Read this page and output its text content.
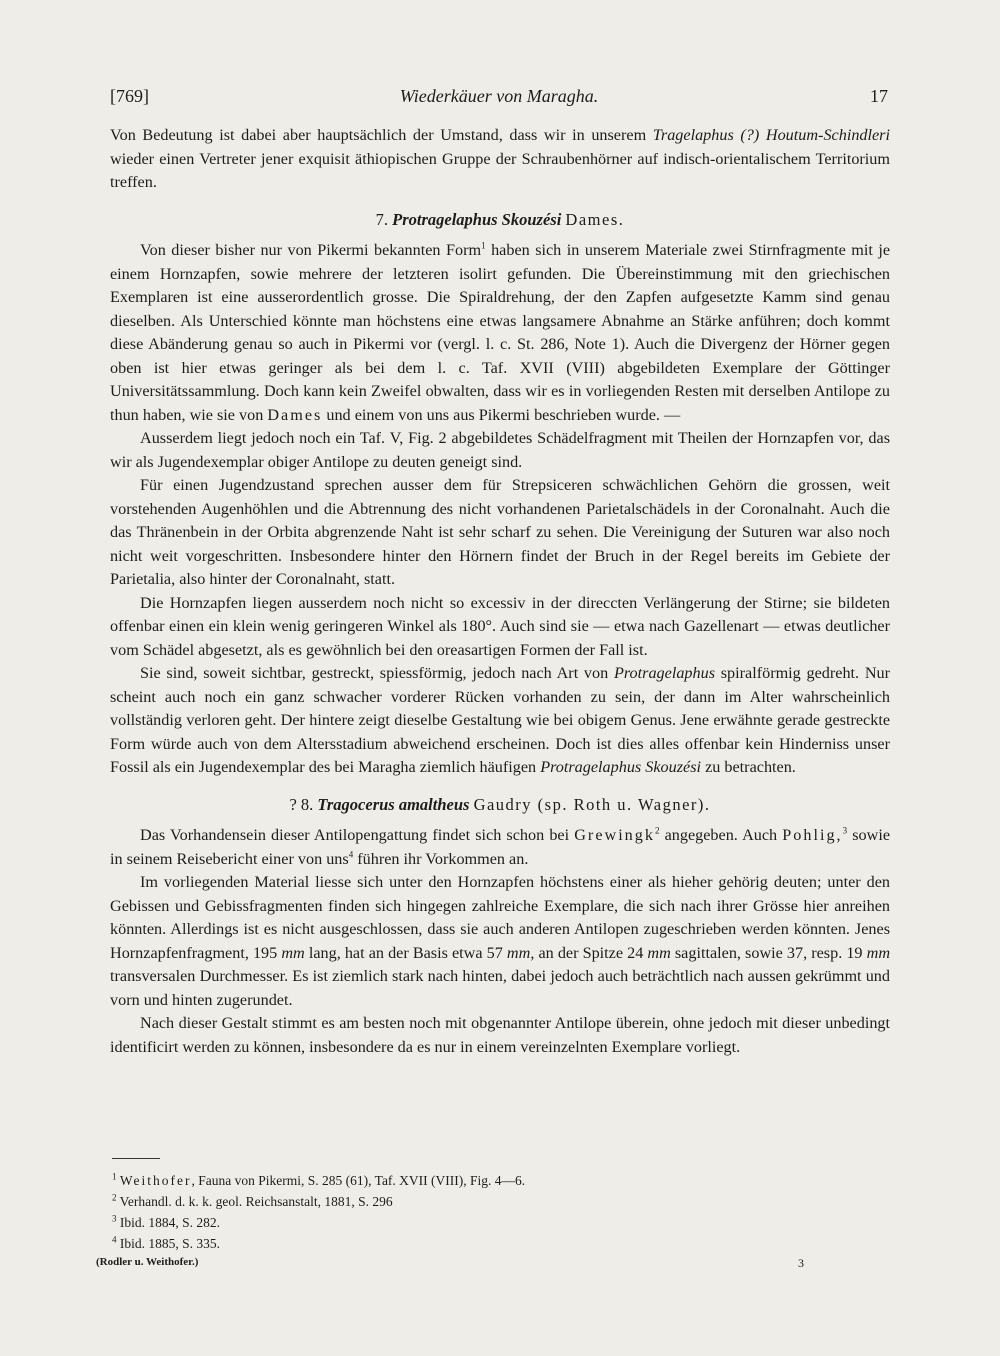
[769]	Wiederkäuer von Maragha.	17

Von Bedeutung ist dabei aber hauptsächlich der Umstand, dass wir in unserem Tragelaphus (?) Houtum-Schindleri wieder einen Vertreter jener exquisit äthiopischen Gruppe der Schraubenhörner auf indisch-orientalischem Territorium treffen.

7. Protragelaphus Skouzési Dames.

Von dieser bisher nur von Pikermi bekannten Form$^1$ haben sich in unserem Materiale zwei Stirnfragmente mit je einem Hornzapfen, sowie mehrere der letzteren isolirt gefunden. Die Übereinstimmung mit den griechischen Exemplaren ist eine ausserordentlich grosse. Die Spiraldrehung, der den Zapfen aufgesetzte Kamm sind genau dieselben. Als Unterschied könnte man höchstens eine etwas langsamere Abnahme an Stärke anführen; doch kommt diese Abänderung genau so auch in Pikermi vor (vergl. l. c. St. 286, Note 1). Auch die Divergenz der Hörner gegen oben ist hier etwas geringer als bei dem l. c. Taf. XVII (VIII) abgebildeten Exemplare der Göttinger Universitätssammlung. Doch kann kein Zweifel obwalten, dass wir es in vorliegenden Resten mit derselben Antilope zu thun haben, wie sie von Dames und einem von uns aus Pikermi beschrieben wurde. —

Ausserdem liegt jedoch noch ein Taf. V, Fig. 2 abgebildetes Schädelfragment mit Theilen der Hornzapfen vor, das wir als Jugendexemplar obiger Antilope zu deuten geneigt sind.

Für einen Jugendzustand sprechen ausser dem für Strepsiceren schwächlichen Gehörn die grossen, weit vorstehenden Augenhöhlen und die Abtrennung des nicht vorhandenen Parietalschädels in der Coronalnaht. Auch die das Thränenbein in der Orbita abgrenzende Naht ist sehr scharf zu sehen. Die Vereinigung der Suturen war also noch nicht weit vorgeschritten. Insbesondere hinter den Hörnern findet der Bruch in der Regel bereits im Gebiete der Parietalia, also hinter der Coronalnaht, statt.

Die Hornzapfen liegen ausserdem noch nicht so excessiv in der direccten Verlängerung der Stirne; sie bildeten offenbar einen ein klein wenig geringeren Winkel als 180°. Auch sind sie — etwa nach Gazellenart — etwas deutlicher vom Schädel abgesetzt, als es gewöhnlich bei den oreasartigen Formen der Fall ist.

Sie sind, soweit sichtbar, gestreckt, spiessförmig, jedoch nach Art von Protragelaphus spiralförmig gedreht. Nur scheint auch noch ein ganz schwacher vorderer Rücken vorhanden zu sein, der dann im Alter wahrscheinlich vollständig verloren geht. Der hintere zeigt dieselbe Gestaltung wie bei obigem Genus. Jene erwähnte gerade gestreckte Form würde auch von dem Altersstadium abweichend erscheinen. Doch ist dies alles offenbar kein Hinderniss unser Fossil als ein Jugendexemplar des bei Maragha ziemlich häufigen Protragelaphus Skouzési zu betrachten.

? 8. Tragocerus amaltheus Gaudry (sp. Roth u. Wagner).

Das Vorhandensein dieser Antilopengattung findet sich schon bei Grewingk$^2$ angegeben. Auch Pohlig,$^3$ sowie in seinem Reisebericht einer von uns$^4$ führen ihr Vorkommen an.

Im vorliegenden Material liesse sich unter den Hornzapfen höchstens einer als hieher gehörig deuten; unter den Gebissen und Gebissfragmenten finden sich hingegen zahlreiche Exemplare, die sich nach ihrer Grösse hier anreihen könnten. Allerdings ist es nicht ausgeschlossen, dass sie auch anderen Antilopen zugeschrieben werden könnten. Jenes Hornzapfenfragment, 195 mm lang, hat an der Basis etwa 57 mm, an der Spitze 24 mm sagittalen, sowie 37, resp. 19 mm transversalen Durchmesser. Es ist ziemlich stark nach hinten, dabei jedoch auch beträchtlich nach aussen gekrümmt und vorn und hinten zugerundet.

Nach dieser Gestalt stimmt es am besten noch mit obgenannter Antilope überein, ohne jedoch mit dieser unbedingt identificirt werden zu können, insbesondere da es nur in einem vereinzelnten Exemplare vorliegt.

$^1$ Weithofer, Fauna von Pikermi, S. 285 (61), Taf. XVII (VIII), Fig. 4—6.
$^2$ Verhandl. d. k. k. geol. Reichsanstalt, 1881, S. 296
$^3$ Ibid. 1884, S. 282.
$^4$ Ibid. 1885, S. 335.
(Rodler u. Weithofer.)	3
